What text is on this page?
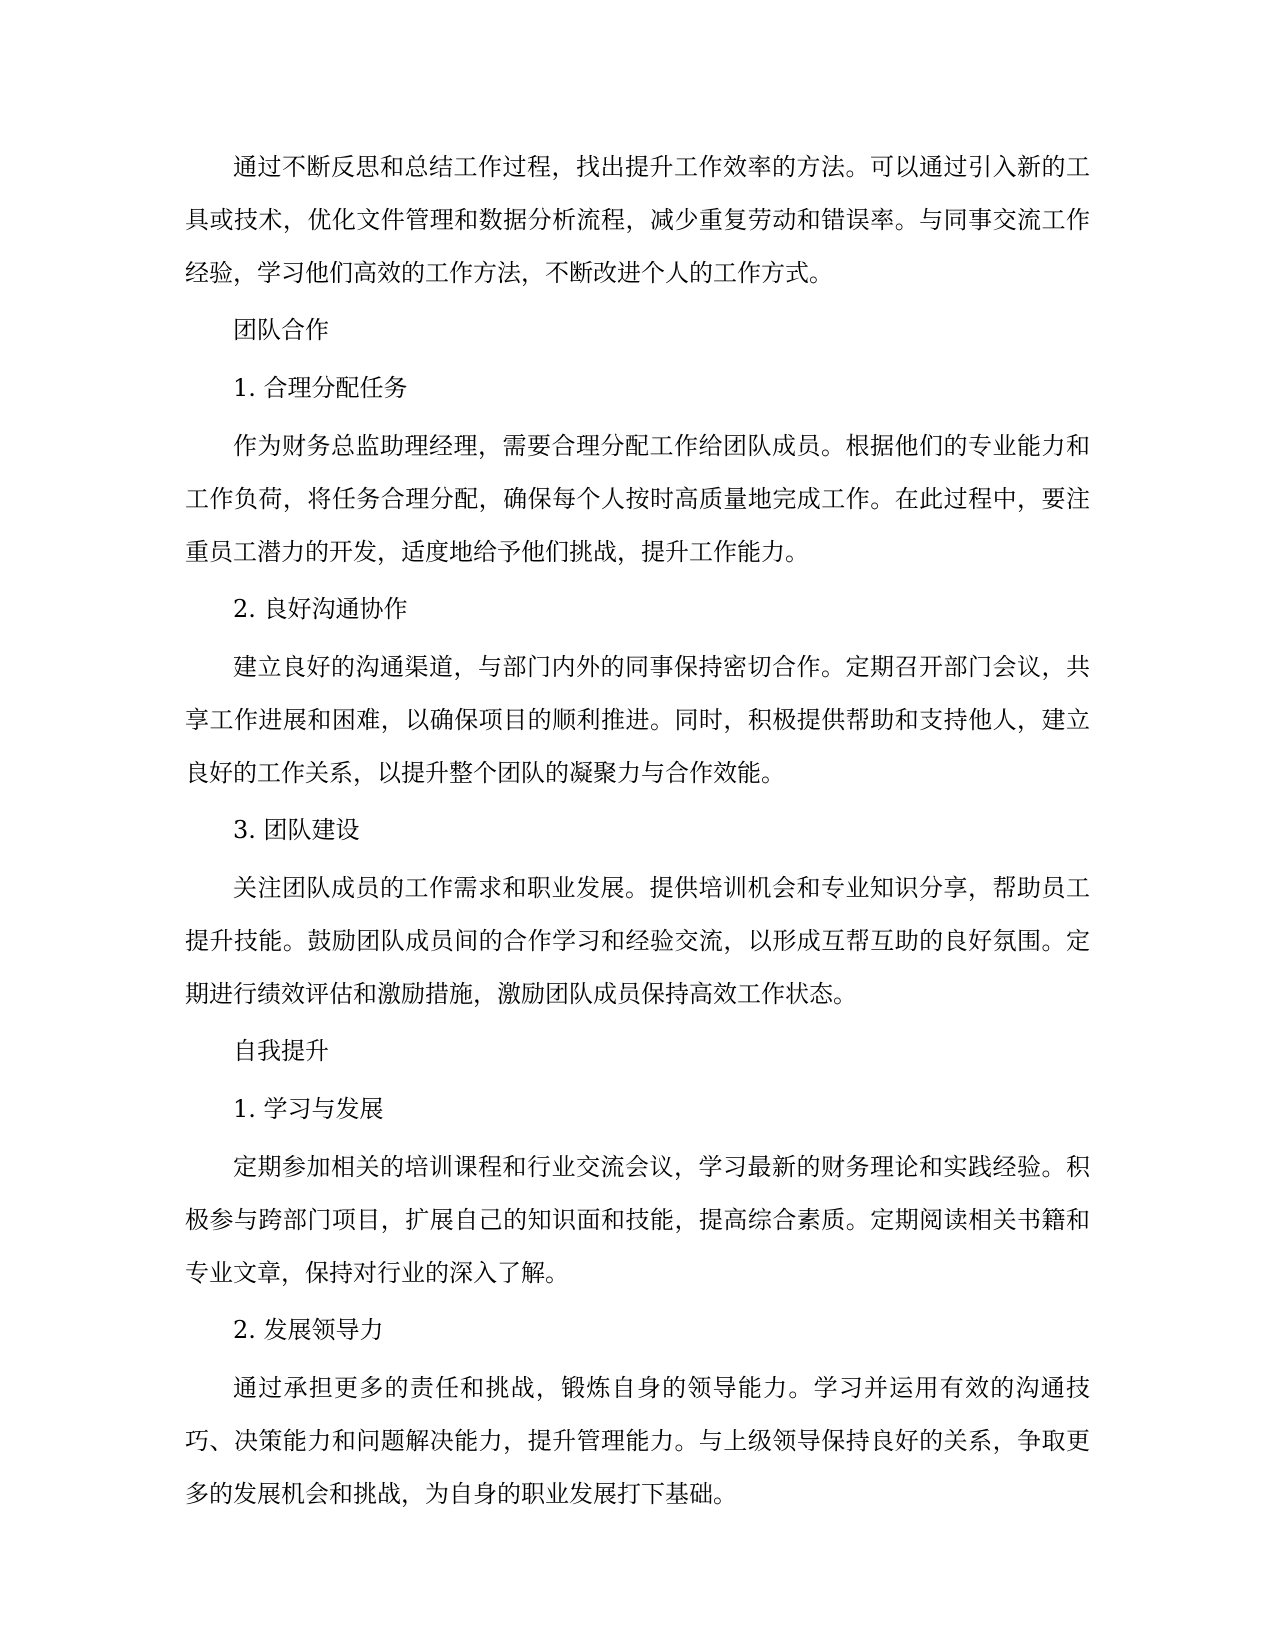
通过不断反思和总结工作过程，找出提升工作效率的方法。可以通过引入新的工具或技术，优化文件管理和数据分析流程，减少重复劳动和错误率。与同事交流工作经验，学习他们高效的工作方法，不断改进个人的工作方式。

团队合作

1. 合理分配任务

作为财务总监助理经理，需要合理分配工作给团队成员。根据他们的专业能力和工作负荷，将任务合理分配，确保每个人按时高质量地完成工作。在此过程中，要注重员工潜力的开发，适度地给予他们挑战，提升工作能力。

2. 良好沟通协作

建立良好的沟通渠道，与部门内外的同事保持密切合作。定期召开部门会议，共享工作进展和困难，以确保项目的顺利推进。同时，积极提供帮助和支持他人，建立良好的工作关系，以提升整个团队的凝聚力与合作效能。

3. 团队建设

关注团队成员的工作需求和职业发展。提供培训机会和专业知识分享，帮助员工提升技能。鼓励团队成员间的合作学习和经验交流，以形成互帮互助的良好氛围。定期进行绩效评估和激励措施，激励团队成员保持高效工作状态。

自我提升

1. 学习与发展

定期参加相关的培训课程和行业交流会议，学习最新的财务理论和实践经验。积极参与跨部门项目，扩展自己的知识面和技能，提高综合素质。定期阅读相关书籍和专业文章，保持对行业的深入了解。

2. 发展领导力

通过承担更多的责任和挑战，锻炼自身的领导能力。学习并运用有效的沟通技巧、决策能力和问题解决能力，提升管理能力。与上级领导保持良好的关系，争取更多的发展机会和挑战，为自身的职业发展打下基础。
